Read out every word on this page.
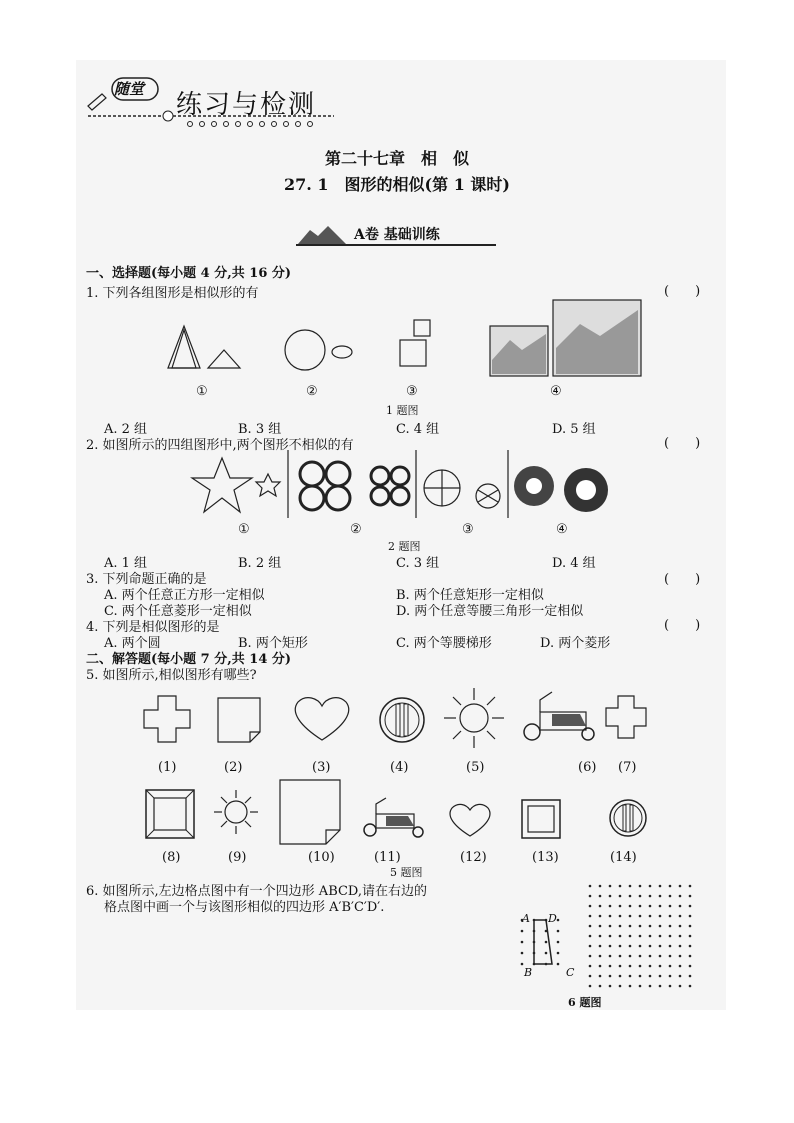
随堂
练习与检测
第二十七章　相　似
27. 1　图形的相似(第 1 课时)
A卷 基础训练
一、选择题(每小题 4 分,共 16 分)
1. 下列各组图形是相似形的有	(　　)
①	②	③	④
1 题图
A. 2 组	B. 3 组	C. 4 组	D. 5 组
2. 如图所示的四组图形中,两个图形不相似的有	(　　)
①	②	③	④
2 题图
A. 1 组	B. 2 组	C. 3 组	D. 4 组
3. 下列命题正确的是	(　　)
A. 两个任意正方形一定相似	B. 两个任意矩形一定相似
C. 两个任意菱形一定相似	D. 两个任意等腰三角形一定相似
4. 下列是相似图形的是	(　　)
A. 两个圆	B. 两个矩形	C. 两个等腰梯形	D. 两个菱形
二、解答题(每小题 7 分,共 14 分)
5. 如图所示,相似图形有哪些?
(1)	(2)	(3)	(4)	(5)	(6) (7)
(8)	(9)	(10)	(11)	(12)	(13)	(14)
5 题图
6. 如图所示,左边格点图中有一个四边形 ABCD,请在右边的
格点图中画一个与该图形相似的四边形 A′B′C′D′.
A D
B	C
6 题图
